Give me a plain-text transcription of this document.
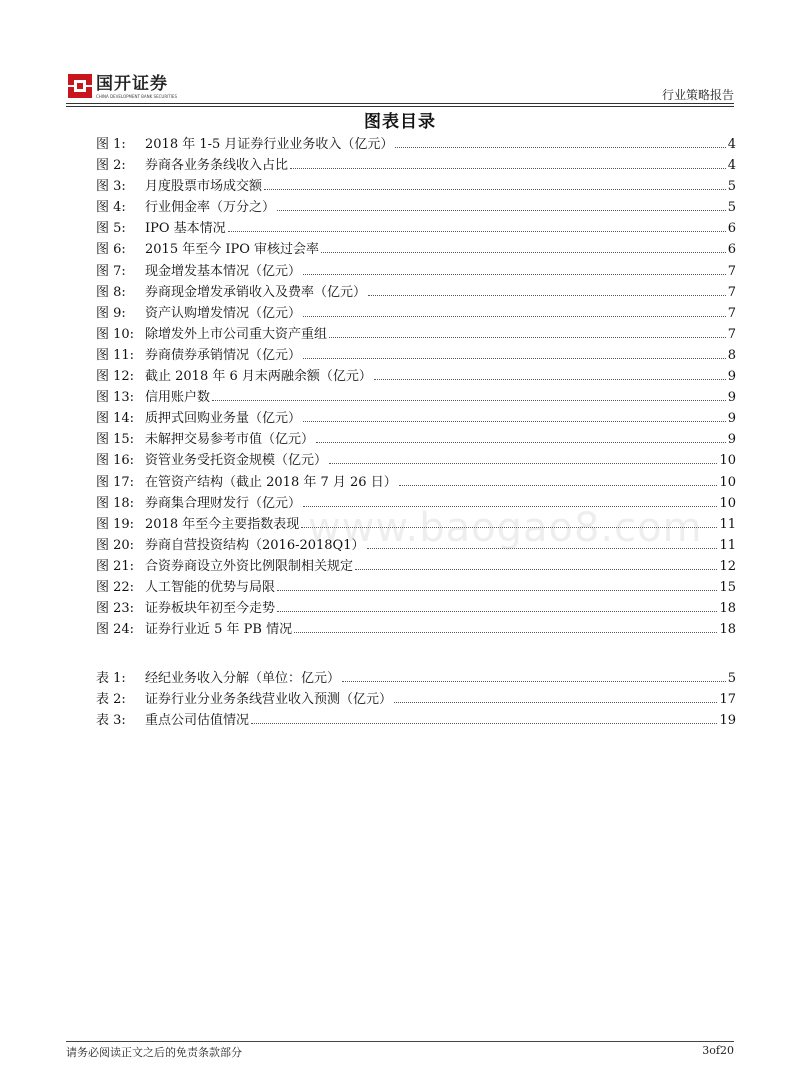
国开证券
CHINA DEVELOPMENT BANK SECURITIES	行业策略报告
图表目录
图 1:	2018 年 1-5 月证券行业业务收入（亿元）	4
图 2:	券商各业务条线收入占比	4
图 3:	月度股票市场成交额	5
图 4:	行业佣金率（万分之）	5
图 5:	IPO 基本情况	6
图 6:	2015 年至今 IPO 审核过会率	6
图 7:	现金增发基本情况（亿元）	7
图 8:	券商现金增发承销收入及费率（亿元）	7
图 9:	资产认购增发情况（亿元）	7
图 10: 除增发外上市公司重大资产重组	7
图 11: 券商债券承销情况（亿元）	8
图 12: 截止 2018 年 6 月末两融余额（亿元）	9
图 13: 信用账户数	9
图 14: 质押式回购业务量（亿元）	9
图 15: 未解押交易参考市值（亿元）	9
图 16: 资管业务受托资金规模（亿元）	10
图 17: 在管资产结构（截止 2018 年 7 月 26 日）	10
图 18: 券商集合理财发行（亿元）	10
图 19: 2018 年至今主要指数表现	11
图 20: 券商自营投资结构（2016-2018Q1）	11
图 21: 合资券商设立外资比例限制相关规定	12
图 22: 人工智能的优势与局限	15
图 23: 证券板块年初至今走势	18
图 24: 证券行业近 5 年 PB 情况	18
表 1:	经纪业务收入分解（单位：亿元）	5
表 2:	证券行业分业务条线营业收入预测（亿元）	17
表 3:	重点公司估值情况	19
www.baogao8.com
请务必阅读正文之后的免责条款部分	3of20
